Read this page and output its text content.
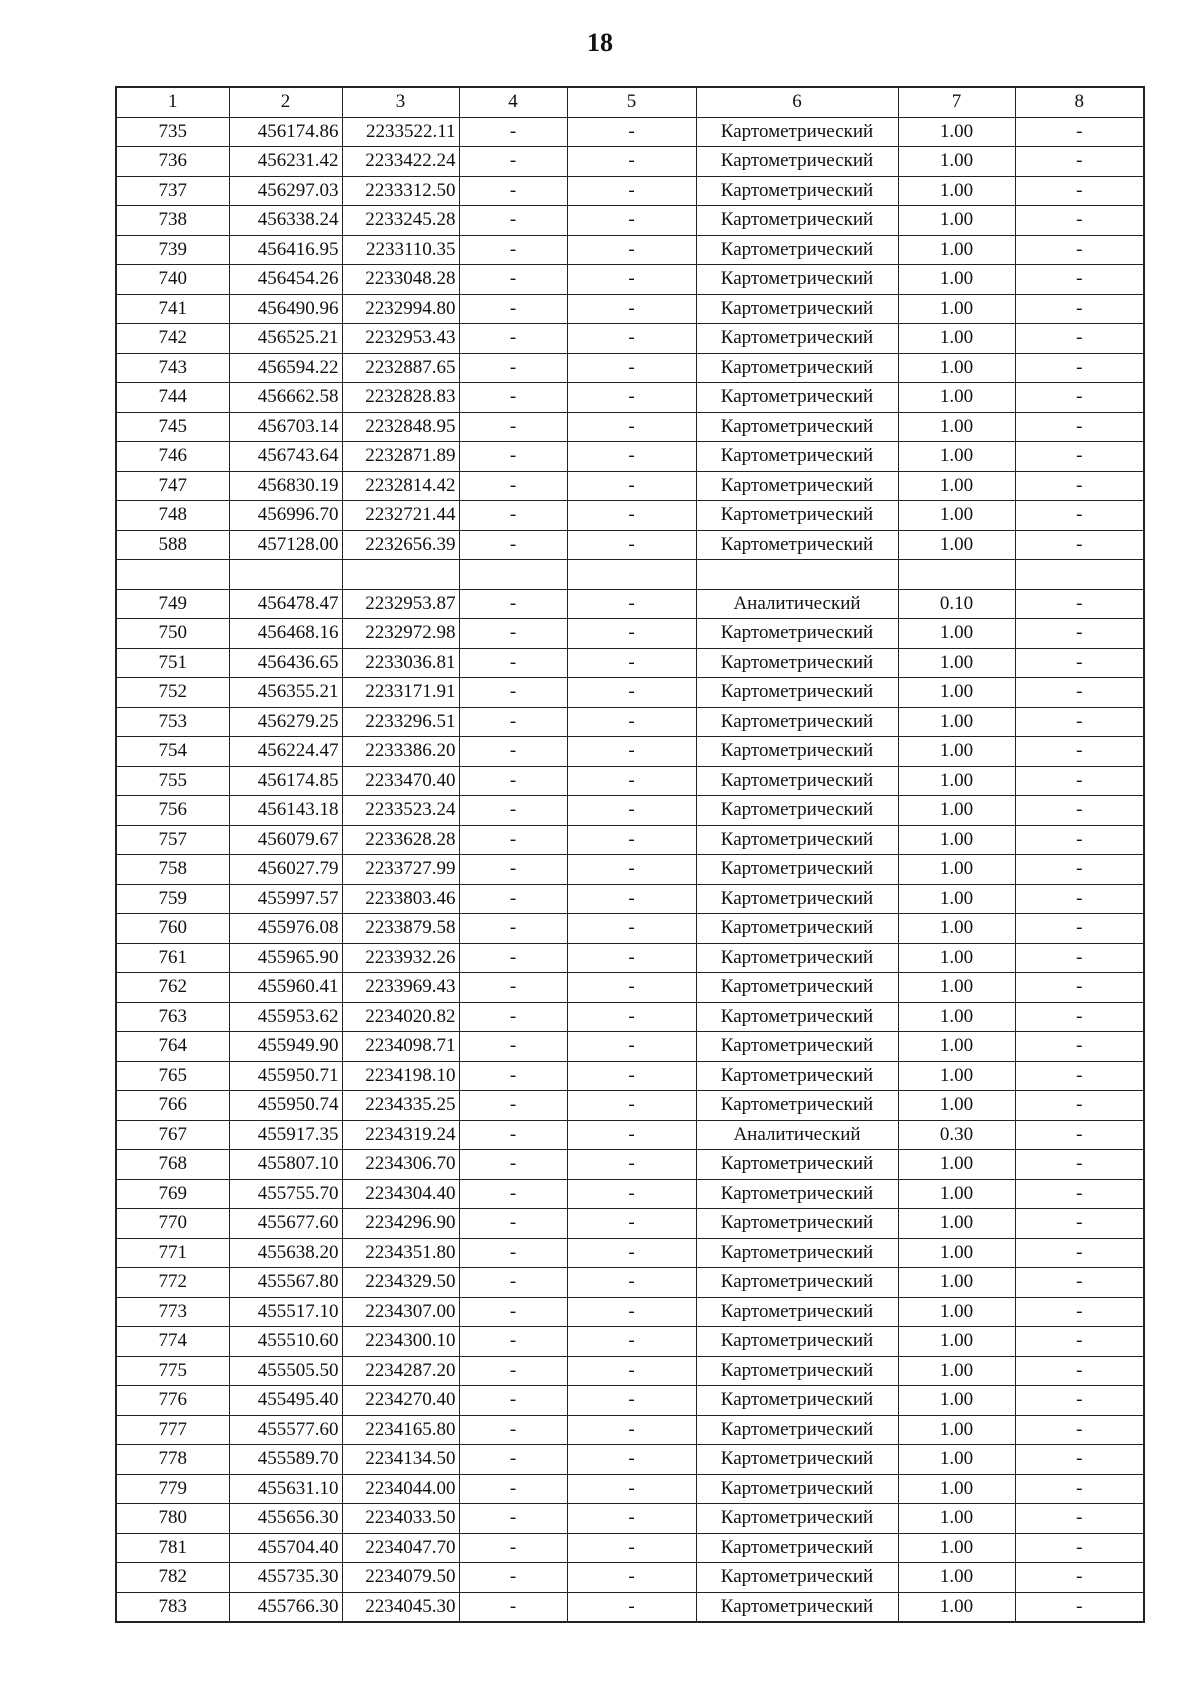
18
1	2	3	4	5	6	7	8
735	456174.86	2233522.11	-	-	Картометрический	1.00	-
736	456231.42	2233422.24	-	-	Картометрический	1.00	-
737	456297.03	2233312.50	-	-	Картометрический	1.00	-
738	456338.24	2233245.28	-	-	Картометрический	1.00	-
739	456416.95	2233110.35	-	-	Картометрический	1.00	-
740	456454.26	2233048.28	-	-	Картометрический	1.00	-
741	456490.96	2232994.80	-	-	Картометрический	1.00	-
742	456525.21	2232953.43	-	-	Картометрический	1.00	-
743	456594.22	2232887.65	-	-	Картометрический	1.00	-
744	456662.58	2232828.83	-	-	Картометрический	1.00	-
745	456703.14	2232848.95	-	-	Картометрический	1.00	-
746	456743.64	2232871.89	-	-	Картометрический	1.00	-
747	456830.19	2232814.42	-	-	Картометрический	1.00	-
748	456996.70	2232721.44	-	-	Картометрический	1.00	-
588	457128.00	2232656.39	-	-	Картометрический	1.00	-

749	456478.47	2232953.87	-	-	Аналитический	0.10	-
750	456468.16	2232972.98	-	-	Картометрический	1.00	-
751	456436.65	2233036.81	-	-	Картометрический	1.00	-
752	456355.21	2233171.91	-	-	Картометрический	1.00	-
753	456279.25	2233296.51	-	-	Картометрический	1.00	-
754	456224.47	2233386.20	-	-	Картометрический	1.00	-
755	456174.85	2233470.40	-	-	Картометрический	1.00	-
756	456143.18	2233523.24	-	-	Картометрический	1.00	-
757	456079.67	2233628.28	-	-	Картометрический	1.00	-
758	456027.79	2233727.99	-	-	Картометрический	1.00	-
759	455997.57	2233803.46	-	-	Картометрический	1.00	-
760	455976.08	2233879.58	-	-	Картометрический	1.00	-
761	455965.90	2233932.26	-	-	Картометрический	1.00	-
762	455960.41	2233969.43	-	-	Картометрический	1.00	-
763	455953.62	2234020.82	-	-	Картометрический	1.00	-
764	455949.90	2234098.71	-	-	Картометрический	1.00	-
765	455950.71	2234198.10	-	-	Картометрический	1.00	-
766	455950.74	2234335.25	-	-	Картометрический	1.00	-
767	455917.35	2234319.24	-	-	Аналитический	0.30	-
768	455807.10	2234306.70	-	-	Картометрический	1.00	-
769	455755.70	2234304.40	-	-	Картометрический	1.00	-
770	455677.60	2234296.90	-	-	Картометрический	1.00	-
771	455638.20	2234351.80	-	-	Картометрический	1.00	-
772	455567.80	2234329.50	-	-	Картометрический	1.00	-
773	455517.10	2234307.00	-	-	Картометрический	1.00	-
774	455510.60	2234300.10	-	-	Картометрический	1.00	-
775	455505.50	2234287.20	-	-	Картометрический	1.00	-
776	455495.40	2234270.40	-	-	Картометрический	1.00	-
777	455577.60	2234165.80	-	-	Картометрический	1.00	-
778	455589.70	2234134.50	-	-	Картометрический	1.00	-
779	455631.10	2234044.00	-	-	Картометрический	1.00	-
780	455656.30	2234033.50	-	-	Картометрический	1.00	-
781	455704.40	2234047.70	-	-	Картометрический	1.00	-
782	455735.30	2234079.50	-	-	Картометрический	1.00	-
783	455766.30	2234045.30	-	-	Картометрический	1.00	-
